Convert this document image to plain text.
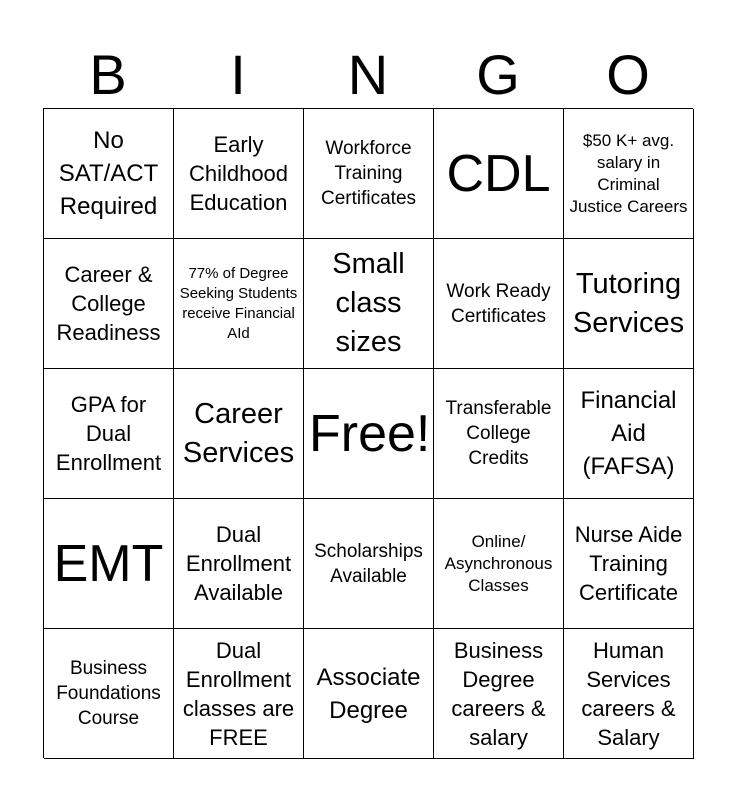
B	I	N	G	O
No SAT/ACT Required
Early Childhood Education
Workforce Training Certificates CDL
$50 K+ avg. salary in Criminal Justice Careers
Career & College Readiness
77% of Degree Seeking Students receive Financial AId
Small class sizes
Work Ready Certificates
Tutoring Services
GPA for Dual Enrollment
Career Services Free! Transferable College Credits
Financial Aid (FAFSA)
EMT	Dual Enrollment Available
Scholarships Available
Online/ Asynchronous Classes
Nurse Aide Training Certificate
Business Foundations Course
Dual Enrollment classes are FREE
Associate Degree
Business Degree careers & salary
Human Services careers & Salary
